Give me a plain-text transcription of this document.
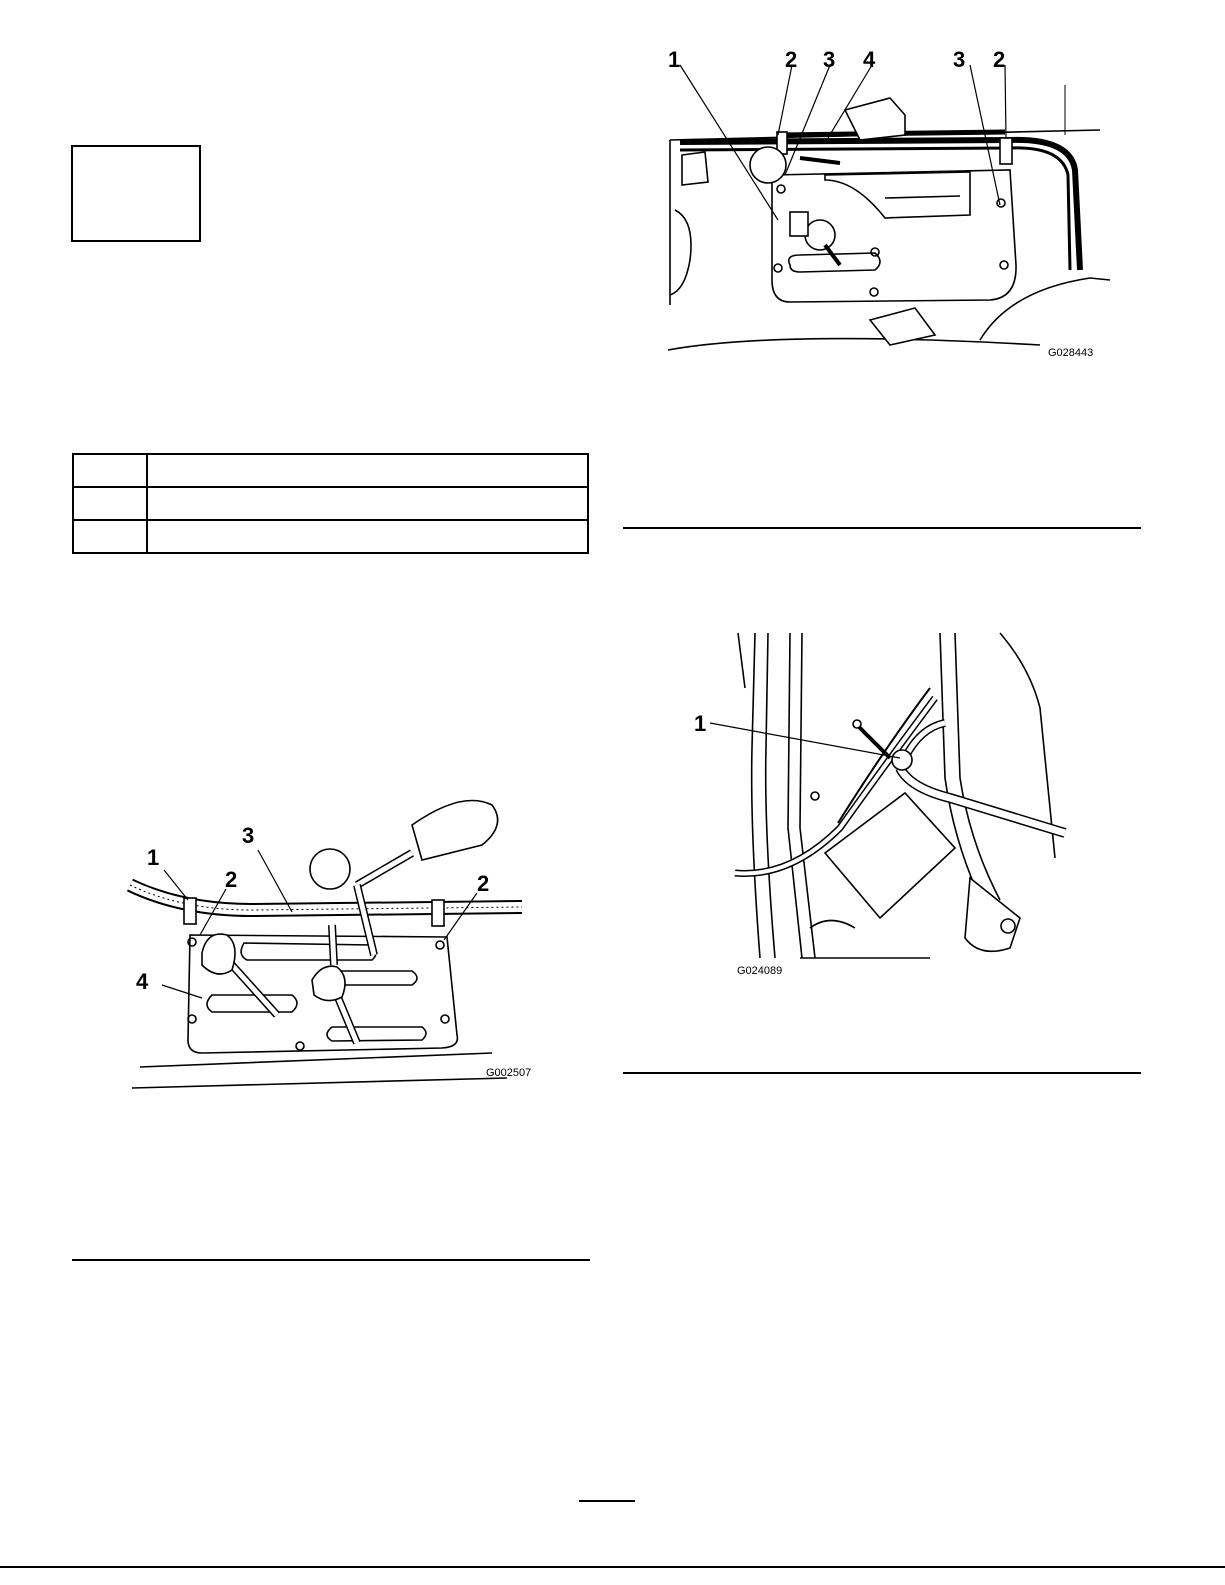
1	2 3 4	3 2
G028443
1
2
3
2
4
G002507
1
G024089
